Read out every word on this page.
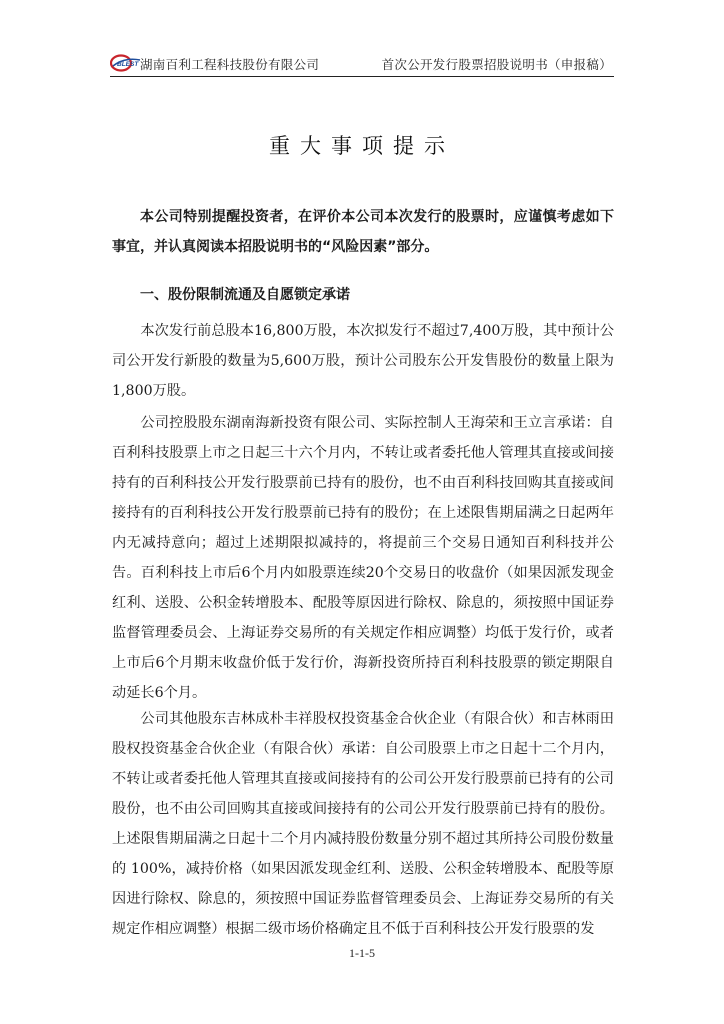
BLEST 湖南百利工程科技股份有限公司	首次公开发行股票招股说明书（申报稿）
重大事项提示

本公司特别提醒投资者，在评价本公司本次发行的股票时，应谨慎考虑如下事宜，并认真阅读本招股说明书的“风险因素”部分。

一、股份限制流通及自愿锁定承诺

本次发行前总股本16,800万股，本次拟发行不超过7,400万股，其中预计公司公开发行新股的数量为5,600万股，预计公司股东公开发售股份的数量上限为1,800万股。

公司控股股东湖南海新投资有限公司、实际控制人王海荣和王立言承诺：自百利科技股票上市之日起三十六个月内，不转让或者委托他人管理其直接或间接持有的百利科技公开发行股票前已持有的股份，也不由百利科技回购其直接或间接持有的百利科技公开发行股票前已持有的股份；在上述限售期届满之日起两年内无减持意向；超过上述期限拟减持的，将提前三个交易日通知百利科技并公告。百利科技上市后6个月内如股票连续20个交易日的收盘价（如果因派发现金红利、送股、公积金转增股本、配股等原因进行除权、除息的，须按照中国证券监督管理委员会、上海证券交易所的有关规定作相应调整）均低于发行价，或者上市后6个月期末收盘价低于发行价，海新投资所持百利科技股票的锁定期限自动延长6个月。

公司其他股东吉林成朴丰祥股权投资基金合伙企业（有限合伙）和吉林雨田股权投资基金合伙企业（有限合伙）承诺：自公司股票上市之日起十二个月内，不转让或者委托他人管理其直接或间接持有的公司公开发行股票前已持有的公司股份，也不由公司回购其直接或间接持有的公司公开发行股票前已持有的股份。上述限售期届满之日起十二个月内减持股份数量分别不超过其所持公司股份数量的 100%，减持价格（如果因派发现金红利、送股、公积金转增股本、配股等原因进行除权、除息的，须按照中国证券监督管理委员会、上海证券交易所的有关规定作相应调整）根据二级市场价格确定且不低于百利科技公开发行股票的发

1-1-5
